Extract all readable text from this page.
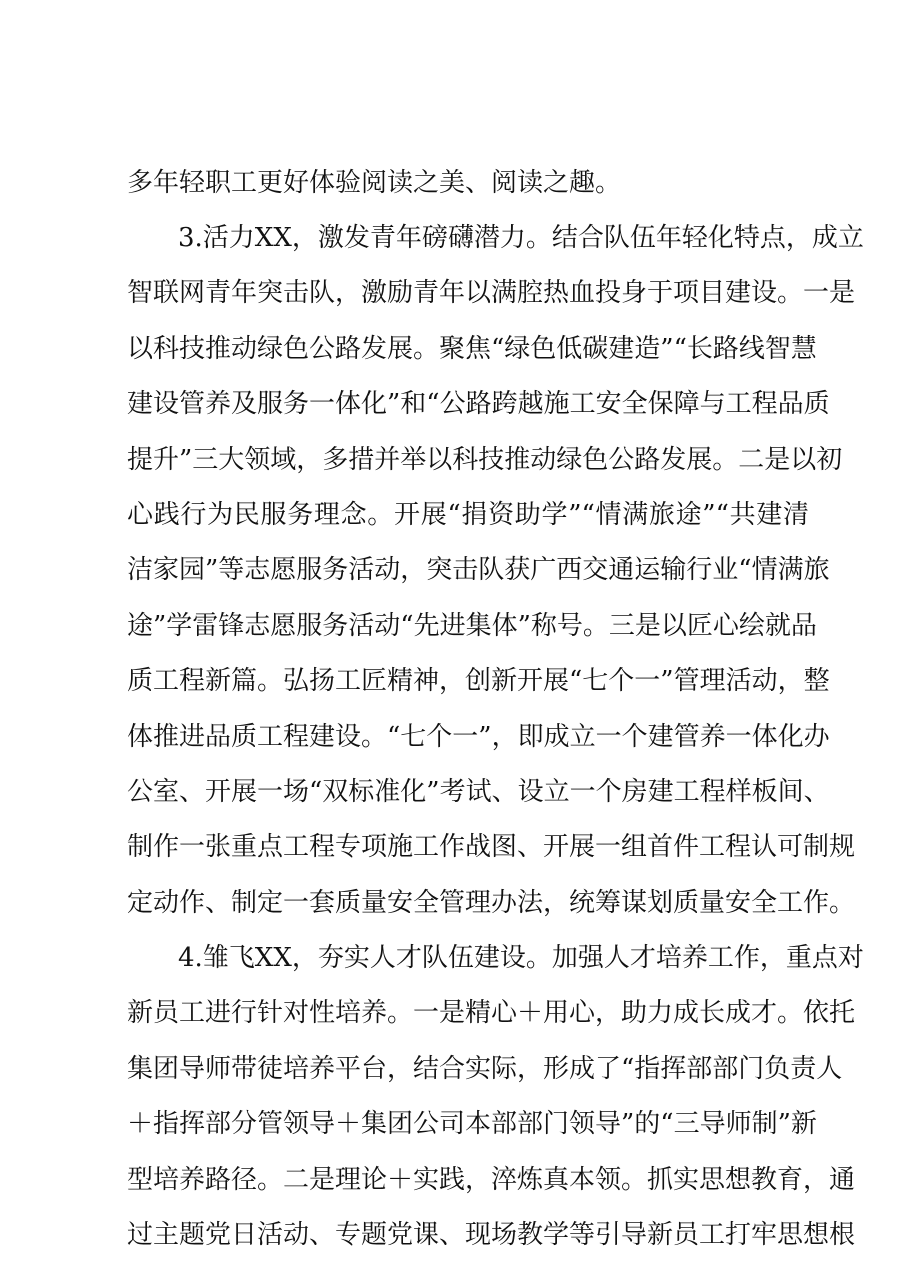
多年轻职工更好体验阅读之美、阅读之趣。
3.活力XX，激发青年磅礴潜力。结合队伍年轻化特点，成立
智联网青年突击队，激励青年以满腔热血投身于项目建设。一是
以科技推动绿色公路发展。聚焦“绿色低碳建造”“长路线智慧
建设管养及服务一体化”和“公路跨越施工安全保障与工程品质
提升”三大领域，多措并举以科技推动绿色公路发展。二是以初
心践行为民服务理念。开展“捐资助学”“情满旅途”“共建清
洁家园”等志愿服务活动，突击队获广西交通运输行业“情满旅
途”学雷锋志愿服务活动“先进集体”称号。三是以匠心绘就品
质工程新篇。弘扬工匠精神，创新开展“七个一”管理活动，整
体推进品质工程建设。“七个一”，即成立一个建管养一体化办
公室、开展一场“双标准化”考试、设立一个房建工程样板间、
制作一张重点工程专项施工作战图、开展一组首件工程认可制规
定动作、制定一套质量安全管理办法，统筹谋划质量安全工作。
4.雏飞XX，夯实人才队伍建设。加强人才培养工作，重点对
新员工进行针对性培养。一是精心＋用心，助力成长成才。依托
集团导师带徒培养平台，结合实际，形成了“指挥部部门负责人
＋指挥部分管领导＋集团公司本部部门领导”的“三导师制”新
型培养路径。二是理论＋实践，淬炼真本领。抓实思想教育，通
过主题党日活动、专题党课、现场教学等引导新员工打牢思想根
